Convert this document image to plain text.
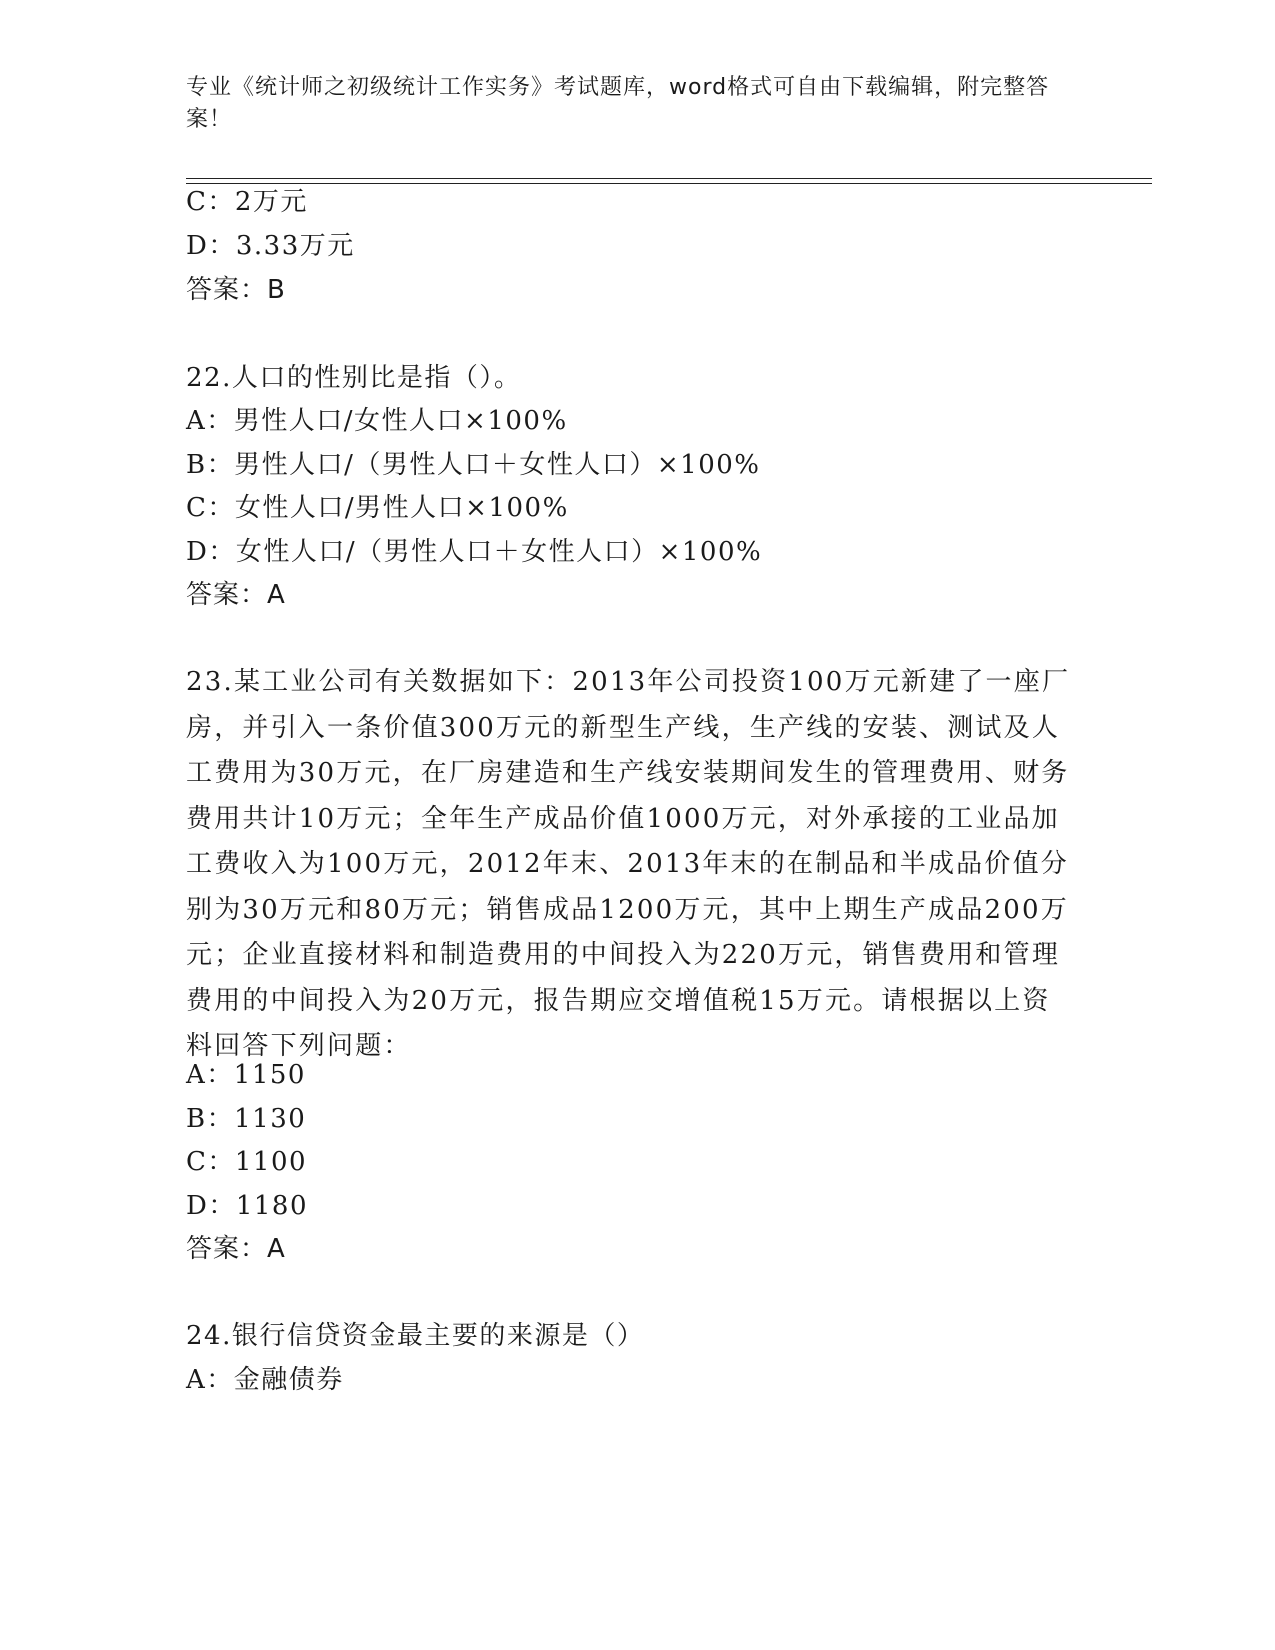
专业《统计师之初级统计工作实务》考试题库，word格式可自由下载编辑，附完整答案！
C：2万元
D：3.33万元
答案：B
22.人口的性别比是指（）。
A：男性人口/女性人口×100%
B：男性人口/（男性人口＋女性人口）×100%
C：女性人口/男性人口×100%
D：女性人口/（男性人口＋女性人口）×100%
答案：A
23.某工业公司有关数据如下：2013年公司投资100万元新建了一座厂房，并引入一条价值300万元的新型生产线，生产线的安装、测试及人工费用为30万元，在厂房建造和生产线安装期间发生的管理费用、财务费用共计10万元；全年生产成品价值1000万元，对外承接的工业品加工费收入为100万元，2012年末、2013年末的在制品和半成品价值分别为30万元和80万元；销售成品1200万元，其中上期生产成品200万元；企业直接材料和制造费用的中间投入为220万元，销售费用和管理费用的中间投入为20万元，报告期应交增值税15万元。请根据以上资料回答下列问题：
A：1150
B：1130
C：1100
D：1180
答案：A
24.银行信贷资金最主要的来源是（）
A：金融债券
